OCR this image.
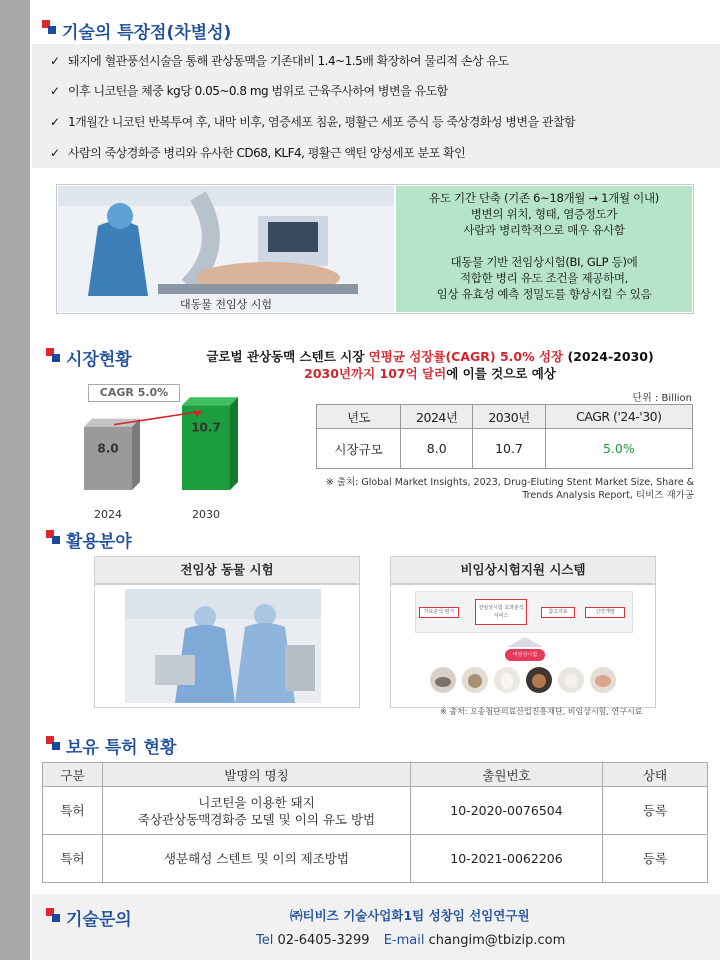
기술의 특장점(차별성)
✓ 돼지에 혈관풍선시술을 통해 관상동맥을 기존대비 1.4~1.5배 확장하여 물리적 손상 유도
✓ 이후 니코틴을 체중 kg당 0.05~0.8 mg 범위로 근육주사하여 병변을 유도함
✓ 1개월간 니코틴 반복투여 후, 내막 비후, 염증세포 침윤, 평활근 세포 증식 등 죽상경화성 병변을 관찰함
✓ 사람의 죽상경화증 병리와 유사한 CD68, KLF4, 평활근 액틴 양성세포 분포 확인
대동물 전임상 시험
유도 기간 단축 (기존 6~18개월 → 1개월 이내)
병변의 위치, 형태, 염증정도가
사람과 병리학적으로 매우 유사함
대동물 기반 전임상시험(BI, GLP 등)에
적합한 병리 유도 조건을 제공하며,
임상 유효성 예측 정밀도를 향상시킬 수 있음
시장현황	글로벌 관상동맥 스텐트 시장 연평균 성장률(CAGR) 5.0% 성장 (2024-2030)
2030년까지 107억 달러에 이를 것으로 예상
CAGR 5.0%
8.0
2024
10.7
2030
단위 : Billion
년도	2024년	2030년	CAGR ('24-'30)
시장규모	8.0	10.7	5.0%
※ 출처: Global Market Insights, 2023, Drug-Eluting Stent Market Size, Share & Trends Analysis Report, 티비즈 재가공
활용분야
전임상 동물 시험	비임상시험지원 시스템
자료분석 평가
전임상시험 효과분석 서비스
참고자료	신약개발
비임상시험
※ 출처: 오송첨단의료산업진흥재단, 비임상시험, 연구시료
보유 특허 현황
구분	발명의 명칭	출원번호	상태
특허	니코틴을 이용한 돼지
죽상관상동맥경화증 모델 및 이의 유도 방법	10-2020-0076504	등록
특허	생분해성 스텐트 및 이의 제조방법	10-2021-0062206	등록
기술문의	㈜티비즈 기술사업화1팀 성창임 선임연구원
Tel 02-6405-3299 E-mail changim@tbizip.com
